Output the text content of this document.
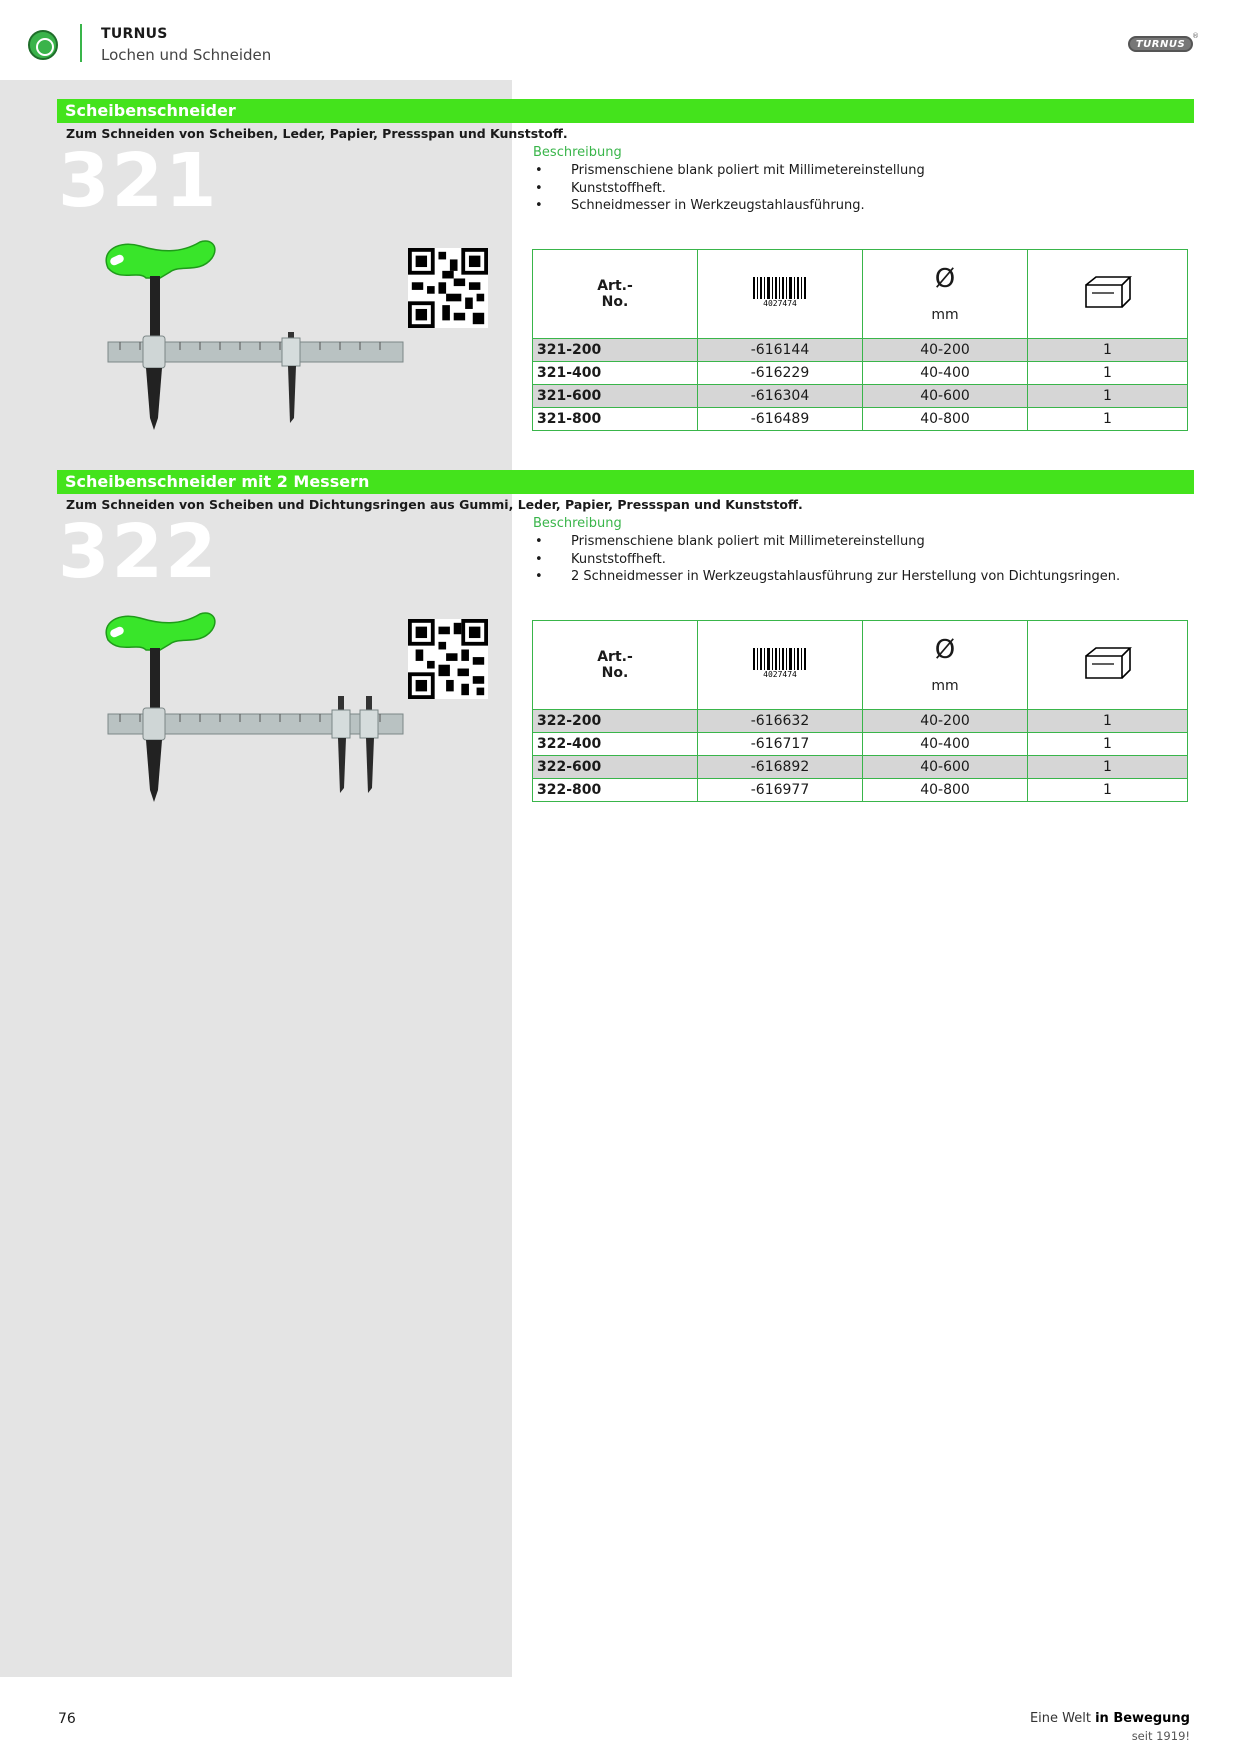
TURNUS
Lochen und Schneiden
TURNUS
®
Scheibenschneider
Zum Schneiden von Scheiben, Leder, Papier, Pressspan und Kunststoff.
321	Beschreibung
• Prismenschiene blank poliert mit Millimetereinstellung
• Kunststoffheft.
• Schneidmesser in Werkzeugstahlausführung.
Art.-
No.	4027474	Ø
mm

321-200	-616144	40-200	1
321-400	-616229	40-400	1
321-600	-616304	40-600	1
321-800	-616489	40-800	1
Scheibenschneider mit 2 Messern
Zum Schneiden von Scheiben und Dichtungsringen aus Gummi, Leder, Papier, Pressspan und Kunststoff.
322	Beschreibung
• Prismenschiene blank poliert mit Millimetereinstellung
• Kunststoffheft.
• 2 Schneidmesser in Werkzeugstahlausführung zur Herstellung von Dichtungsringen.
Art.-
No.	4027474	Ø
mm

322-200	-616632	40-200	1
322-400	-616717	40-400	1
322-600	-616892	40-600	1
322-800	-616977	40-800	1
76	Eine Welt in Bewegung
seit 1919!
